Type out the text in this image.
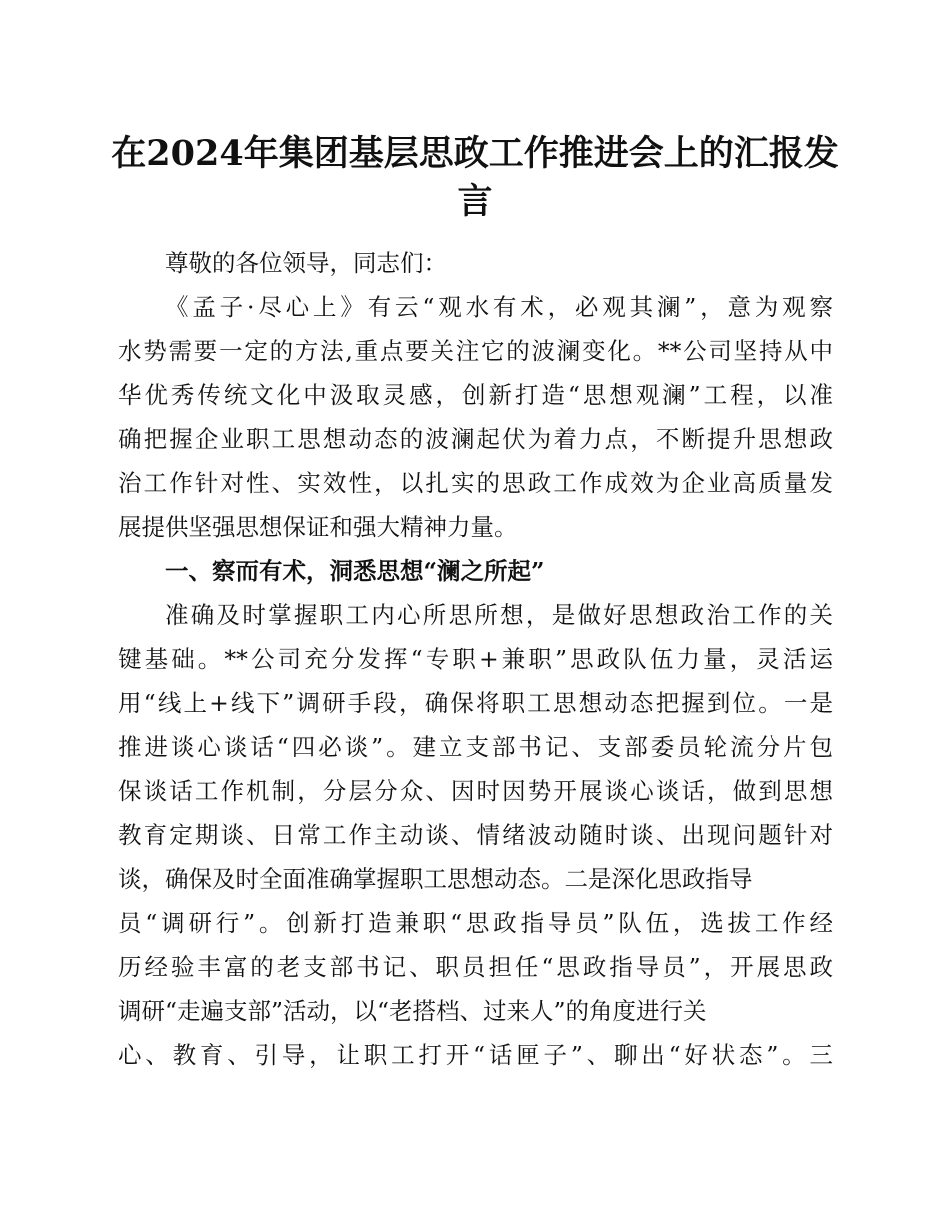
在2024年集团基层思政工作推进会上的汇报发
言
尊敬的各位领导，同志们：
《孟子·尽心上》有云“观水有术，必观其澜”，意为观察
水势需要一定的方法,重点要关注它的波澜变化。**公司坚持从中
华优秀传统文化中汲取灵感，创新打造“思想观澜”工程，以准
确把握企业职工思想动态的波澜起伏为着力点，不断提升思想政
治工作针对性、实效性，以扎实的思政工作成效为企业高质量发
展提供坚强思想保证和强大精神力量。
一、察而有术，洞悉思想“澜之所起”
准确及时掌握职工内心所思所想，是做好思想政治工作的关
键基础。**公司充分发挥“专职+兼职”思政队伍力量，灵活运
用“线上+线下”调研手段，确保将职工思想动态把握到位。一是
推进谈心谈话“四必谈”。建立支部书记、支部委员轮流分片包
保谈话工作机制，分层分众、因时因势开展谈心谈话，做到思想
教育定期谈、日常工作主动谈、情绪波动随时谈、出现问题针对
谈，确保及时全面准确掌握职工思想动态。二是深化思政指导
员“调研行”。创新打造兼职“思政指导员”队伍，选拔工作经
历经验丰富的老支部书记、职员担任“思政指导员”，开展思政
调研“走遍支部”活动，以“老搭档、过来人”的角度进行关
心、教育、引导，让职工打开“话匣子”、聊出“好状态”。三
